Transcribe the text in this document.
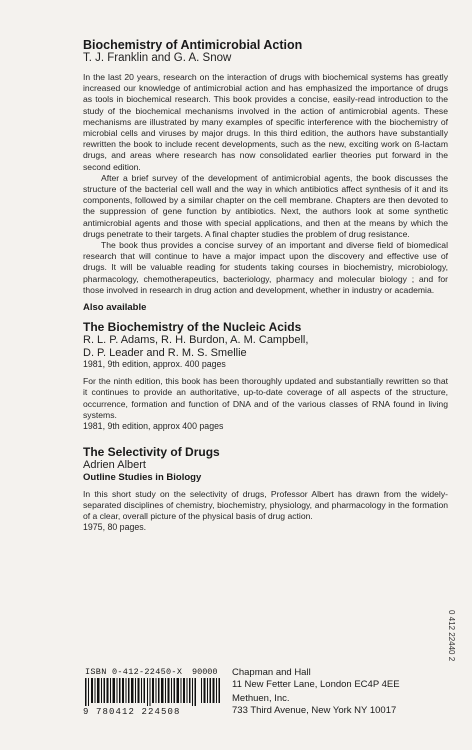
Biochemistry of Antimicrobial Action

T. J. Franklin and G. A. Snow

In the last 20 years, research on the interaction of drugs with biochemical systems has greatly increased our knowledge of antimicrobial action and has emphasized the importance of drugs as tools in biochemical research. This book provides a concise, easily-read introduction to the study of the biochemical mechanisms involved in the action of antimicrobial agents. These mechanisms are illustrated by many examples of specific interference with the biochemistry of microbial cells and viruses by major drugs. In this third edition, the authors have substantially rewritten the book to include recent developments, such as the new, exciting work on ß-lactam drugs, and areas where research has now consolidated earlier theories put forward in the second edition.

After a brief survey of the development of antimicrobial agents, the book discusses the structure of the bacterial cell wall and the way in which antibiotics affect synthesis of it and its components, followed by a similar chapter on the cell membrane. Chapters are then devoted to the suppression of gene function by antibiotics. Next, the authors look at some synthetic antimicrobial agents and those with special applications, and then at the means by which the drugs penetrate to their targets. A final chapter studies the problem of drug resistance.

The book thus provides a concise survey of an important and diverse field of biomedical research that will continue to have a major impact upon the discovery and effective use of drugs. It will be valuable reading for students taking courses in biochemistry, microbiology, pharmacology, chemotherapeutics, bacteriology, pharmacy and molecular biology ; and for those involved in research in drug action and development, whether in industry or academia.

Also available

The Biochemistry of the Nucleic Acids

R. L. P. Adams, R. H. Burdon, A. M. Campbell,

D. P. Leader and R. M. S. Smellie

1981, 9th edition, approx. 400 pages

For the ninth edition, this book has been thoroughly updated and substantially rewritten so that it continues to provide an authoritative, up-to-date coverage of all aspects of the structure, occurrence, formation and function of DNA and of the various classes of RNA found in living systems.

1981, 9th edition, approx 400 pages

The Selectivity of Drugs

Adrien Albert

Outline Studies in Biology

In this short study on the selectivity of drugs, Professor Albert has drawn from the widely-separated disciplines of chemistry, biochemistry, physiology, and pharmacology in the formation of a clear, overall picture of the physical basis of drug action.

1975, 80 pages.

0 412 22440 2
ISBN 0-412-22450-X 90000
9 780412 224508
Chapman and Hall
11 New Fetter Lane, London EC4P 4EE
Methuen, Inc.
733 Third Avenue, New York NY 10017
